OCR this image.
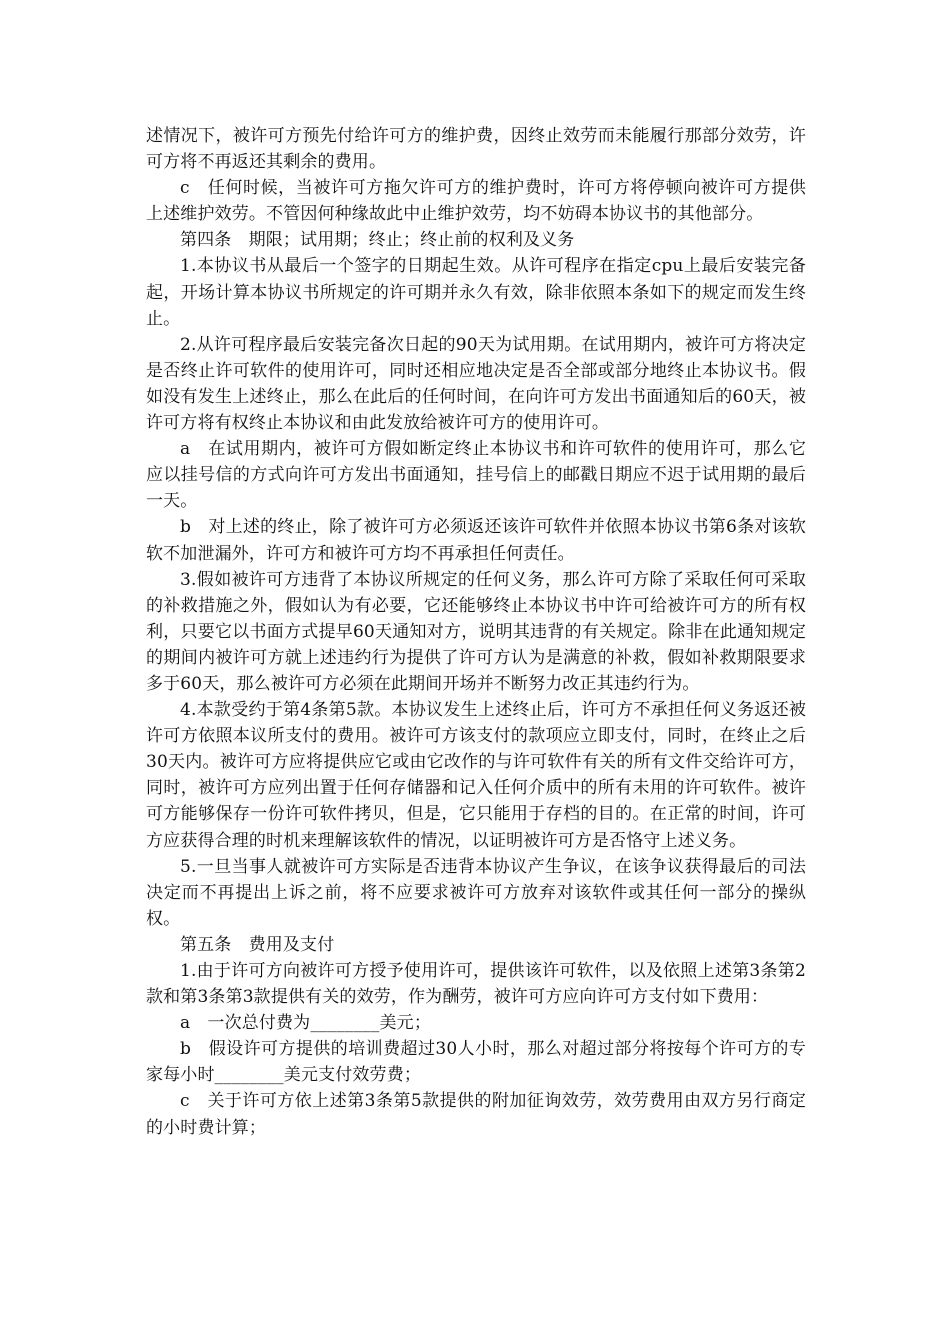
述情况下，被许可方预先付给许可方的维护费，因终止效劳而未能履行那部分效劳，许可方将不再返还其剩余的费用。

c　任何时候，当被许可方拖欠许可方的维护费时，许可方将停顿向被许可方提供上述维护效劳。不管因何种缘故此中止维护效劳，均不妨碍本协议书的其他部分。

第四条　期限；试用期；终止；终止前的权利及义务

1.本协议书从最后一个签字的日期起生效。从许可程序在指定cpu上最后安装完备起，开场计算本协议书所规定的许可期并永久有效，除非依照本条如下的规定而发生终止。

2.从许可程序最后安装完备次日起的90天为试用期。在试用期内，被许可方将决定是否终止许可软件的使用许可，同时还相应地决定是否全部或部分地终止本协议书。假如没有发生上述终止，那么在此后的任何时间，在向许可方发出书面通知后的60天，被许可方将有权终止本协议和由此发放给被许可方的使用许可。

a　在试用期内，被许可方假如断定终止本协议书和许可软件的使用许可，那么它应以挂号信的方式向许可方发出书面通知，挂号信上的邮戳日期应不迟于试用期的最后一天。

b　对上述的终止，除了被许可方必须返还该许可软件并依照本协议书第6条对该软软不加泄漏外，许可方和被许可方均不再承担任何责任。

3.假如被许可方违背了本协议所规定的任何义务，那么许可方除了采取任何可采取的补救措施之外，假如认为有必要，它还能够终止本协议书中许可给被许可方的所有权利，只要它以书面方式提早60天通知对方，说明其违背的有关规定。除非在此通知规定的期间内被许可方就上述违约行为提供了许可方认为是满意的补救，假如补救期限要求多于60天，那么被许可方必须在此期间开场并不断努力改正其违约行为。

4.本款受约于第4条第5款。本协议发生上述终止后，许可方不承担任何义务返还被许可方依照本议所支付的费用。被许可方该支付的款项应立即支付，同时，在终止之后30天内。被许可方应将提供应它或由它改作的与许可软件有关的所有文件交给许可方，同时，被许可方应列出置于任何存储器和记入任何介质中的所有未用的许可软件。被许可方能够保存一份许可软件拷贝，但是，它只能用于存档的目的。在正常的时间，许可方应获得合理的时机来理解该软件的情况，以证明被许可方是否恪守上述义务。

5.一旦当事人就被许可方实际是否违背本协议产生争议，在该争议获得最后的司法决定而不再提出上诉之前，将不应要求被许可方放弃对该软件或其任何一部分的操纵权。

第五条　费用及支付

1.由于许可方向被许可方授予使用许可，提供该许可软件，以及依照上述第3条第2款和第3条第3款提供有关的效劳，作为酬劳，被许可方应向许可方支付如下费用：

a　一次总付费为________美元；

b　假设许可方提供的培训费超过30人小时，那么对超过部分将按每个许可方的专家每小时________美元支付效劳费；

c　关于许可方依上述第3条第5款提供的附加征询效劳，效劳费用由双方另行商定的小时费计算；
